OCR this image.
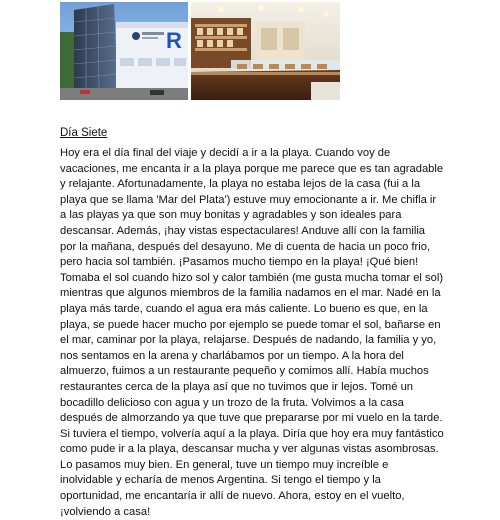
R
Día Siete

Hoy era el día final del viaje y decidí a ir a la playa. Cuando voy de vacaciones, me encanta ir a la playa porque me parece que es tan agradable y relajante. Afortunadamente, la playa no estaba lejos de la casa (fui a la playa que se llama 'Mar del Plata') estuve muy emocionante a ir. Me chifla ir a las playas ya que son muy bonitas y agradables y son ideales para descansar. Además, ¡hay vistas espectaculares! Anduve allí con la familia por la mañana, después del desayuno. Me di cuenta de hacia un poco frio, pero hacia sol también. ¡Pasamos mucho tiempo en la playa! ¡Qué bien! Tomaba el sol cuando hizo sol y calor también (me gusta mucha tomar el sol) mientras que algunos miembros de la familia nadamos en el mar. Nadé en la playa más tarde, cuando el agua era más caliente. Lo bueno es que, en la playa, se puede hacer mucho por ejemplo se puede tomar el sol, bañarse en el mar, caminar por la playa, relajarse. Después de nadando, la familia y yo, nos sentamos en la arena y charlábamos por un tiempo. A la hora del almuerzo, fuimos a un restaurante pequeño y comimos allí. Había muchos restaurantes cerca de la playa así que no tuvimos que ir lejos. Tomé un bocadillo delicioso con agua y un trozo de la fruta. Volvimos a la casa después de almorzando ya que tuve que prepararse por mi vuelo en la tarde. Si tuviera el tiempo, volvería aquí a la playa. Diría que hoy era muy fantástico como pude ir a la playa, descansar mucha y ver algunas vistas asombrosas. Lo pasamos muy bien. En general, tuve un tiempo muy increíble e inolvidable y echaría de menos Argentina. Si tengo el tiempo y la oportunidad, me encantaría ir allí de nuevo. Ahora, estoy en el vuelto, ¡volviendo a casa!
